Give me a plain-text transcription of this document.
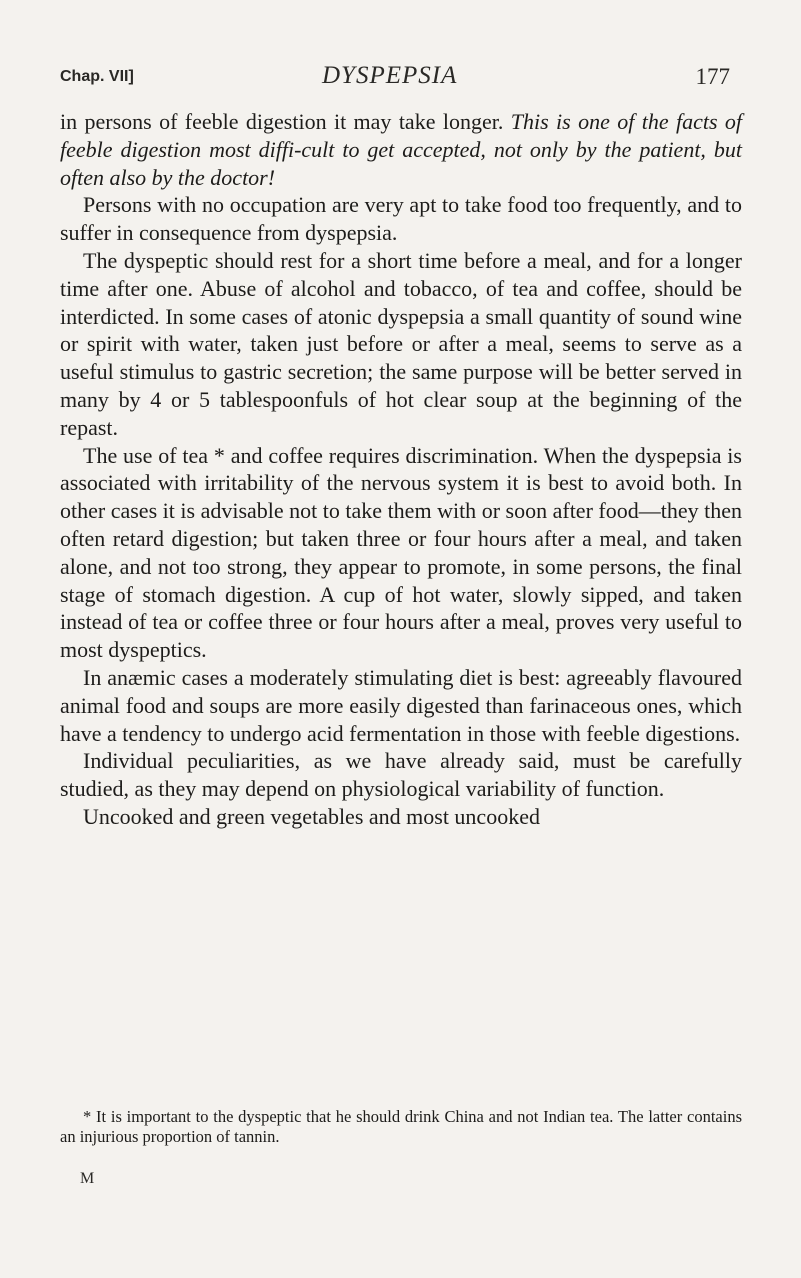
Chap. VII]	DYSPEPSIA	177

in persons of feeble digestion it may take longer. This is one of the facts of feeble digestion most diffi-cult to get accepted, not only by the patient, but often also by the doctor!

Persons with no occupation are very apt to take food too frequently, and to suffer in consequence from dyspepsia.

The dyspeptic should rest for a short time before a meal, and for a longer time after one. Abuse of alcohol and tobacco, of tea and coffee, should be interdicted. In some cases of atonic dyspepsia a small quantity of sound wine or spirit with water, taken just before or after a meal, seems to serve as a useful stimulus to gastric secretion; the same purpose will be better served in many by 4 or 5 tablespoonfuls of hot clear soup at the beginning of the repast.

The use of tea * and coffee requires discrimination. When the dyspepsia is associated with irritability of the nervous system it is best to avoid both. In other cases it is advisable not to take them with or soon after food—they then often retard digestion; but taken three or four hours after a meal, and taken alone, and not too strong, they appear to promote, in some persons, the final stage of stomach digestion. A cup of hot water, slowly sipped, and taken instead of tea or coffee three or four hours after a meal, proves very useful to most dyspeptics.

In anæmic cases a moderately stimulating diet is best: agreeably flavoured animal food and soups are more easily digested than farinaceous ones, which have a tendency to undergo acid fermentation in those with feeble digestions.

Individual peculiarities, as we have already said, must be carefully studied, as they may depend on physiological variability of function.

Uncooked and green vegetables and most uncooked

* It is important to the dyspeptic that he should drink China and not Indian tea. The latter contains an injurious proportion of tannin.

M
